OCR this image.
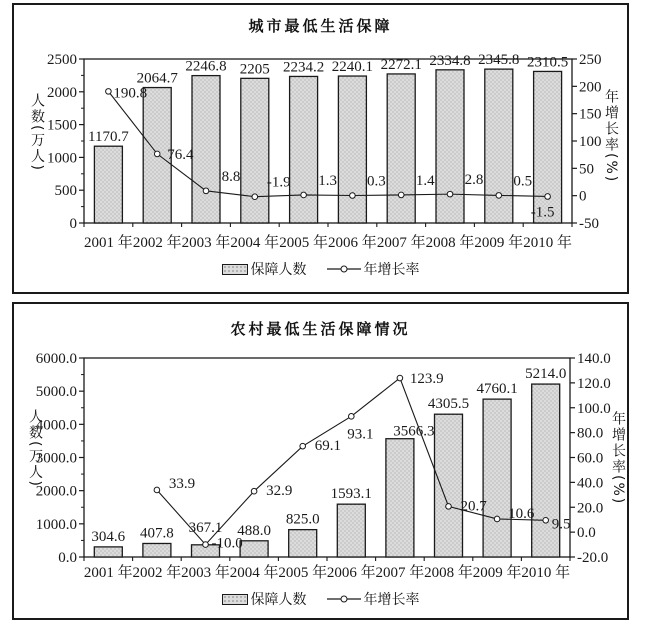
城市最低生活保障
人数(万人)	年增长率(%)
2500
2000
1500
1000
500
0
250
200
150
100
50
0
-50
2001 年 2002 年 2003 年 2004 年 2005 年 2006 年 2007 年 2008 年 2009 年 2010 年
1170.7
2064.7
2246.8 2205 2234.2 2240.1 2272.1 2334.8 2345.8 2310.5
190.8
76.4
8.8 -1.9 1.3 0.3 1.4 2.8 0.5
-1.5
保障人数	年增长率
农村最低生活保障情况
人数(万人)	年增长率(%)
6000.0
5000.0
4000.0
3000.0
2000.0
1000.0
0.0
140.0
120.0
100.0
80.0
60.0
40.0
20.0
0.0
-20.0
2001 年 2002 年 2003 年 2004 年 2005 年 2006 年 2007 年 2008 年 2009 年 2010 年
304.6 407.8 367.1 488.0
825.0
1593.1
3566.3
4305.5
4760.1
5214.0
33.9
-10.0
32.9
69.1
93.1
123.9
20.7 10.6
9.5
保障人数	年增长率
